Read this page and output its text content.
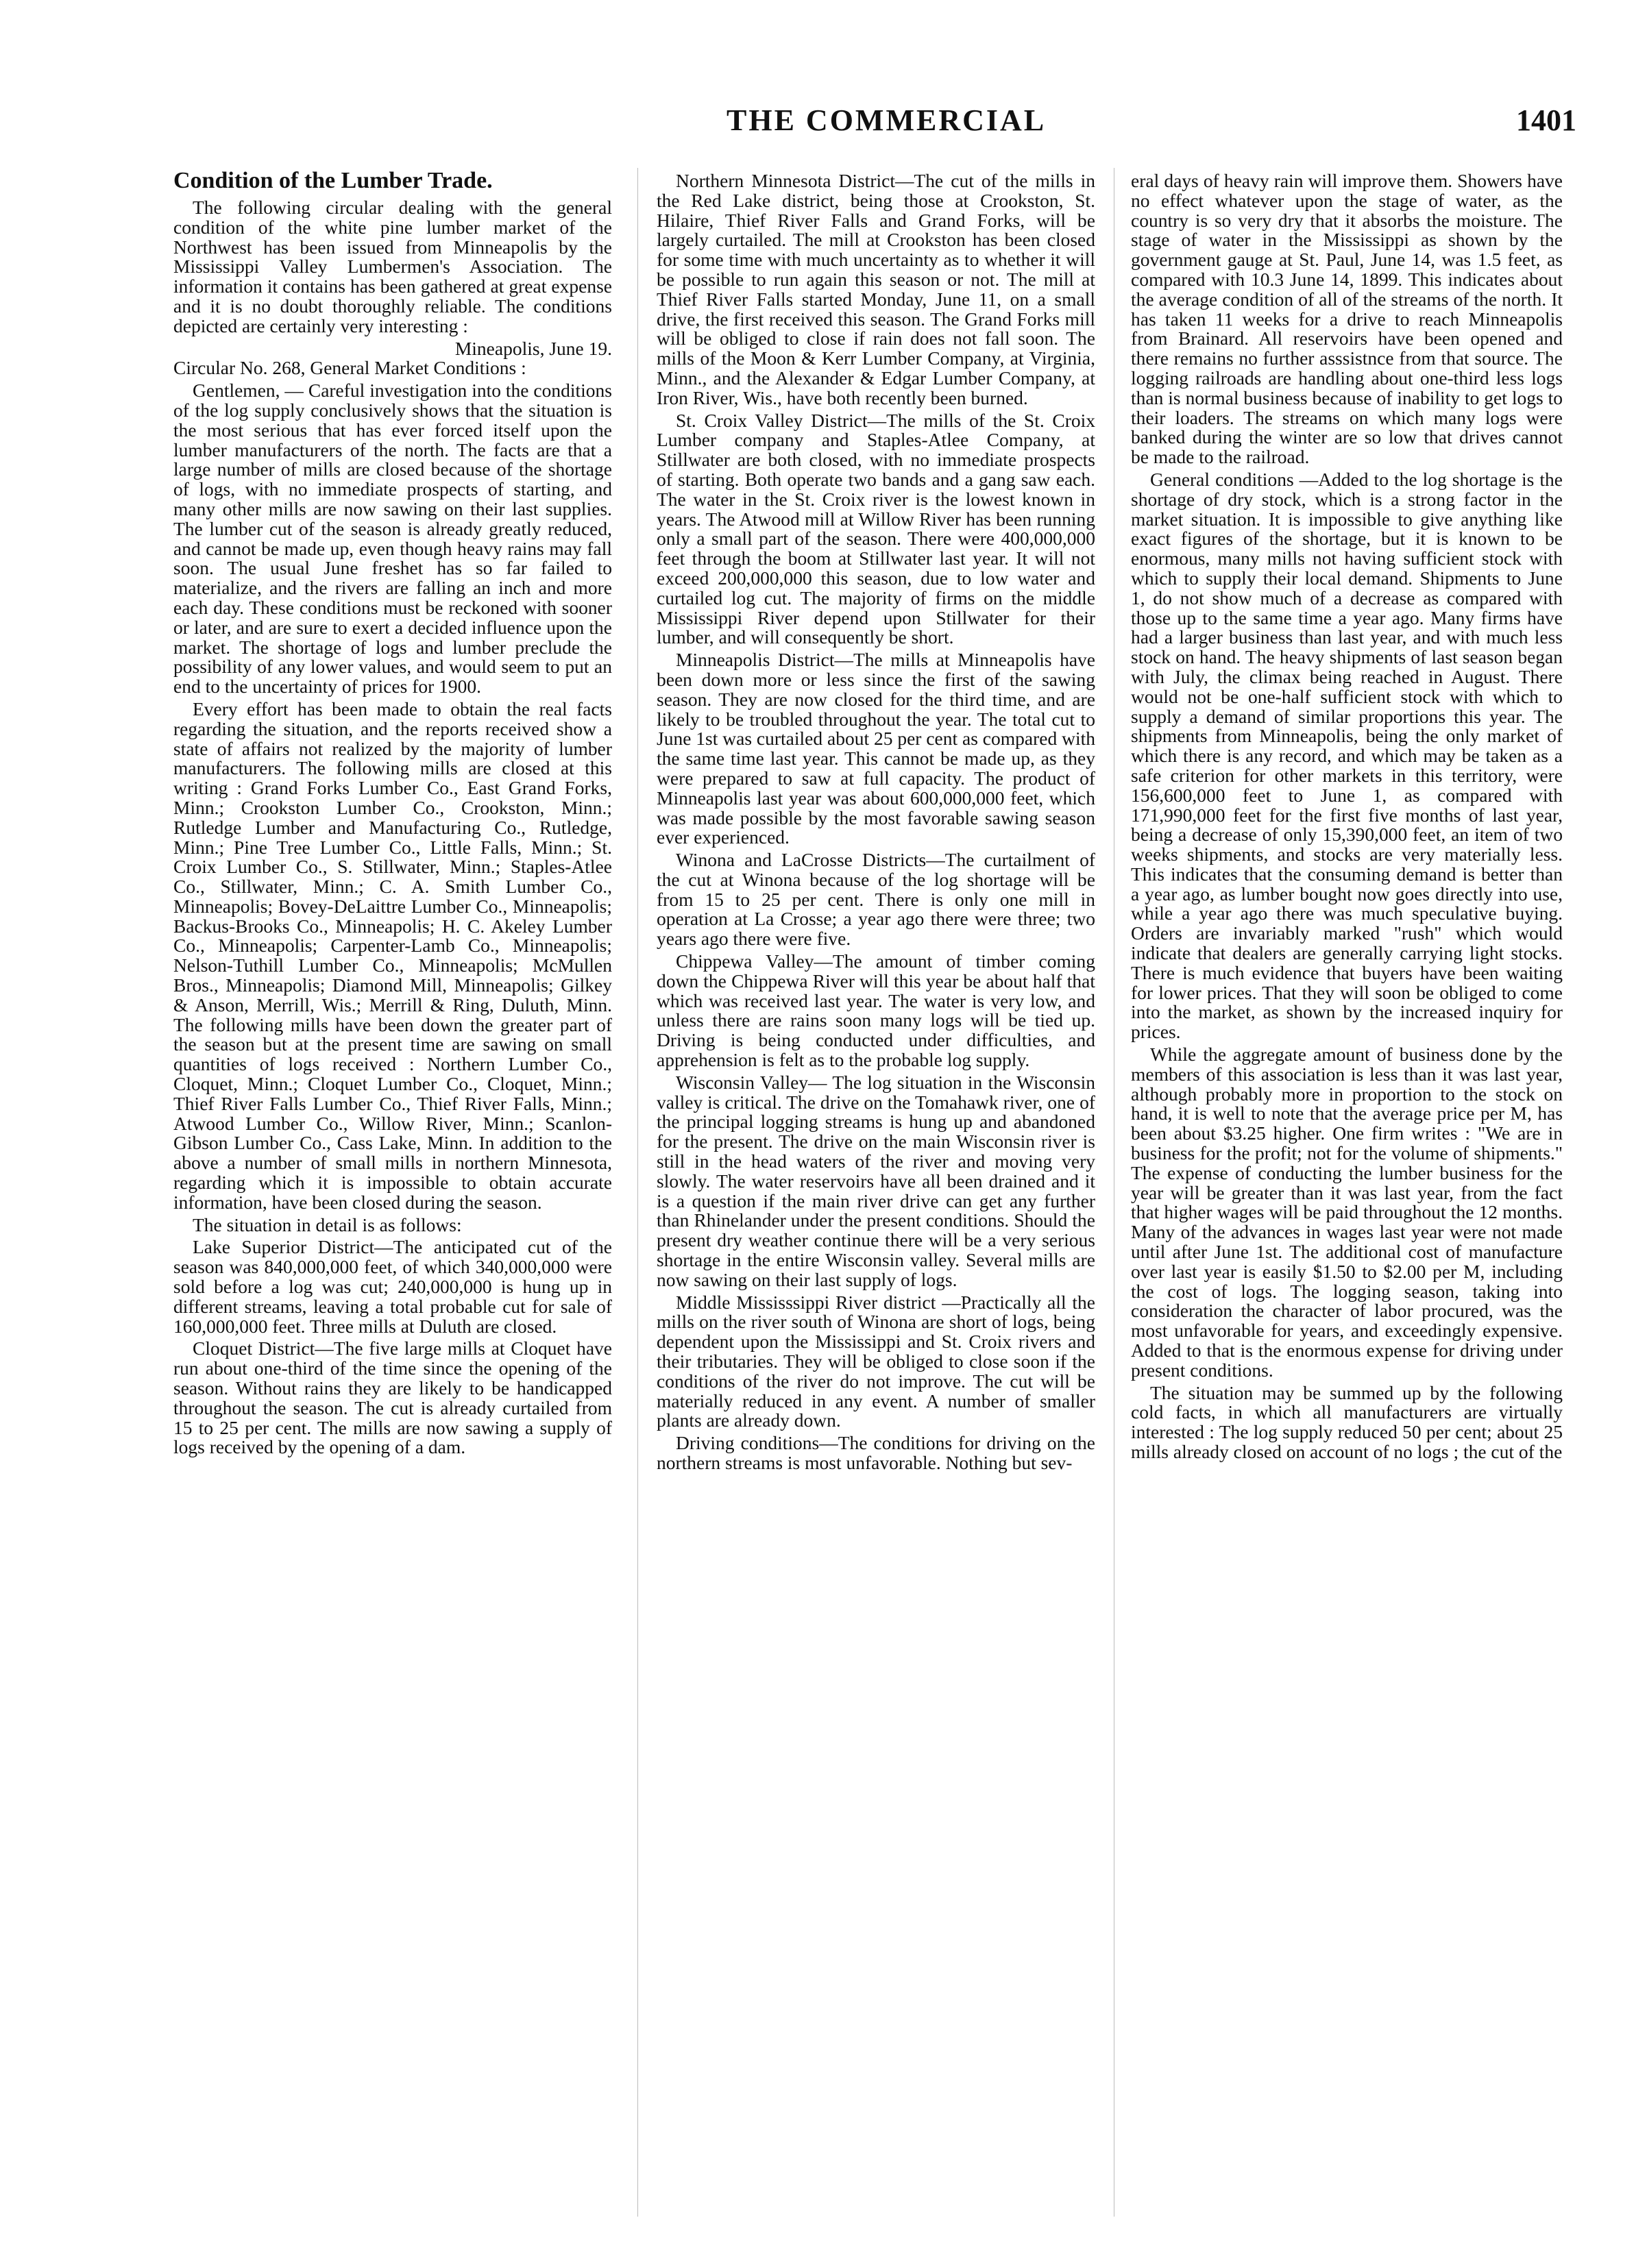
THE COMMERCIAL	1401
Condition of the Lumber Trade.

The following circular dealing with the general condition of the white pine lumber market of the Northwest has been issued from Minneapolis by the Mississippi Valley Lumbermen's Association. The information it contains has been gathered at great expense and it is no doubt thoroughly reliable. The conditions depicted are certainly very interesting :

Mineapolis, June 19.

Circular No. 268, General Market Conditions :

Gentlemen, — Careful investigation into the conditions of the log supply conclusively shows that the situation is the most serious that has ever forced itself upon the lumber manufacturers of the north. The facts are that a large number of mills are closed because of the shortage of logs, with no immediate prospects of starting, and many other mills are now sawing on their last supplies. The lumber cut of the season is already greatly reduced, and cannot be made up, even though heavy rains may fall soon. The usual June freshet has so far failed to materialize, and the rivers are falling an inch and more each day. These conditions must be reckoned with sooner or later, and are sure to exert a decided influence upon the market. The shortage of logs and lumber preclude the possibility of any lower values, and would seem to put an end to the uncertainty of prices for 1900.

Every effort has been made to obtain the real facts regarding the situation, and the reports received show a state of affairs not realized by the majority of lumber manufacturers. The following mills are closed at this writing : Grand Forks Lumber Co., East Grand Forks, Minn.; Crookston Lumber Co., Crookston, Minn.; Rutledge Lumber and Manufacturing Co., Rutledge, Minn.; Pine Tree Lumber Co., Little Falls, Minn.; St. Croix Lumber Co., S. Stillwater, Minn.; Staples-Atlee Co., Stillwater, Minn.; C. A. Smith Lumber Co., Minneapolis; Bovey-DeLaittre Lumber Co., Minneapolis; Backus-Brooks Co., Minneapolis; H. C. Akeley Lumber Co., Minneapolis; Carpenter-Lamb Co., Minneapolis; Nelson-Tuthill Lumber Co., Minneapolis; McMullen Bros., Minneapolis; Diamond Mill, Minneapolis; Gilkey & Anson, Merrill, Wis.; Merrill & Ring, Duluth, Minn. The following mills have been down the greater part of the season but at the present time are sawing on small quantities of logs received : Northern Lumber Co., Cloquet, Minn.; Cloquet Lumber Co., Cloquet, Minn.; Thief River Falls Lumber Co., Thief River Falls, Minn.; Atwood Lumber Co., Willow River, Minn.; Scanlon-Gibson Lumber Co., Cass Lake, Minn. In addition to the above a number of small mills in northern Minnesota, regarding which it is impossible to obtain accurate information, have been closed during the season.

The situation in detail is as follows:

Lake Superior District—The anticipated cut of the season was 840,000,000 feet, of which 340,000,000 were sold before a log was cut; 240,000,000 is hung up in different streams, leaving a total probable cut for sale of 160,000,000 feet. Three mills at Duluth are closed.

Cloquet District—The five large mills at Cloquet have run about one-third of the time since the opening of the season. Without rains they are likely to be handicapped throughout the season. The cut is already curtailed from 15 to 25 per cent. The mills are now sawing a supply of logs received by the opening of a dam.

Northern Minnesota District—The cut of the mills in the Red Lake district, being those at Crookston, St. Hilaire, Thief River Falls and Grand Forks, will be largely curtailed. The mill at Crookston has been closed for some time with much uncertainty as to whether it will be possible to run again this season or not. The mill at Thief River Falls started Monday, June 11, on a small drive, the first received this season. The Grand Forks mill will be obliged to close if rain does not fall soon. The mills of the Moon & Kerr Lumber Company, at Virginia, Minn., and the Alexander & Edgar Lumber Company, at Iron River, Wis., have both recently been burned.

St. Croix Valley District—The mills of the St. Croix Lumber company and Staples-Atlee Company, at Stillwater are both closed, with no immediate prospects of starting. Both operate two bands and a gang saw each. The water in the St. Croix river is the lowest known in years. The Atwood mill at Willow River has been running only a small part of the season. There were 400,000,000 feet through the boom at Stillwater last year. It will not exceed 200,000,000 this season, due to low water and curtailed log cut. The majority of firms on the middle Mississippi River depend upon Stillwater for their lumber, and will consequently be short.

Minneapolis District—The mills at Minneapolis have been down more or less since the first of the sawing season. They are now closed for the third time, and are likely to be troubled throughout the year. The total cut to June 1st was curtailed about 25 per cent as compared with the same time last year. This cannot be made up, as they were prepared to saw at full capacity. The product of Minneapolis last year was about 600,000,000 feet, which was made possible by the most favorable sawing season ever experienced.

Winona and LaCrosse Districts—The curtailment of the cut at Winona because of the log shortage will be from 15 to 25 per cent. There is only one mill in operation at La Crosse; a year ago there were three; two years ago there were five.

Chippewa Valley—The amount of timber coming down the Chippewa River will this year be about half that which was received last year. The water is very low, and unless there are rains soon many logs will be tied up. Driving is being conducted under difficulties, and apprehension is felt as to the probable log supply.

Wisconsin Valley— The log situation in the Wisconsin valley is critical. The drive on the Tomahawk river, one of the principal logging streams is hung up and abandoned for the present. The drive on the main Wisconsin river is still in the head waters of the river and moving very slowly. The water reservoirs have all been drained and it is a question if the main river drive can get any further than Rhinelander under the present conditions. Should the present dry weather continue there will be a very serious shortage in the entire Wisconsin valley. Several mills are now sawing on their last supply of logs.

Middle Mississsippi River district —Practically all the mills on the river south of Winona are short of logs, being dependent upon the Mississippi and St. Croix rivers and their tributaries. They will be obliged to close soon if the conditions of the river do not improve. The cut will be materially reduced in any event. A number of smaller plants are already down.

Driving conditions—The conditions for driving on the northern streams is most unfavorable. Nothing but sev-

eral days of heavy rain will improve them. Showers have no effect whatever upon the stage of water, as the country is so very dry that it absorbs the moisture. The stage of water in the Mississippi as shown by the government gauge at St. Paul, June 14, was 1.5 feet, as compared with 10.3 June 14, 1899. This indicates about the average condition of all of the streams of the north. It has taken 11 weeks for a drive to reach Minneapolis from Brainard. All reservoirs have been opened and there remains no further asssistnce from that source. The logging railroads are handling about one-third less logs than is normal business because of inability to get logs to their loaders. The streams on which many logs were banked during the winter are so low that drives cannot be made to the railroad.

General conditions —Added to the log shortage is the shortage of dry stock, which is a strong factor in the market situation. It is impossible to give anything like exact figures of the shortage, but it is known to be enormous, many mills not having sufficient stock with which to supply their local demand. Shipments to June 1, do not show much of a decrease as compared with those up to the same time a year ago. Many firms have had a larger business than last year, and with much less stock on hand. The heavy shipments of last season began with July, the climax being reached in August. There would not be one-half sufficient stock with which to supply a demand of similar proportions this year. The shipments from Minneapolis, being the only market of which there is any record, and which may be taken as a safe criterion for other markets in this territory, were 156,600,000 feet to June 1, as compared with 171,990,000 feet for the first five months of last year, being a decrease of only 15,390,000 feet, an item of two weeks shipments, and stocks are very materially less. This indicates that the consuming demand is better than a year ago, as lumber bought now goes directly into use, while a year ago there was much speculative buying. Orders are invariably marked "rush" which would indicate that dealers are generally carrying light stocks. There is much evidence that buyers have been waiting for lower prices. That they will soon be obliged to come into the market, as shown by the increased inquiry for prices.

While the aggregate amount of business done by the members of this association is less than it was last year, although probably more in proportion to the stock on hand, it is well to note that the average price per M, has been about $3.25 higher. One firm writes : "We are in business for the profit; not for the volume of shipments." The expense of conducting the lumber business for the year will be greater than it was last year, from the fact that higher wages will be paid throughout the 12 months. Many of the advances in wages last year were not made until after June 1st. The additional cost of manufacture over last year is easily $1.50 to $2.00 per M, including the cost of logs. The logging season, taking into consideration the character of labor procured, was the most unfavorable for years, and exceedingly expensive. Added to that is the enormous expense for driving under present conditions.

The situation may be summed up by the following cold facts, in which all manufacturers are virtually interested : The log supply reduced 50 per cent; about 25 mills already closed on account of no logs ; the cut of the
